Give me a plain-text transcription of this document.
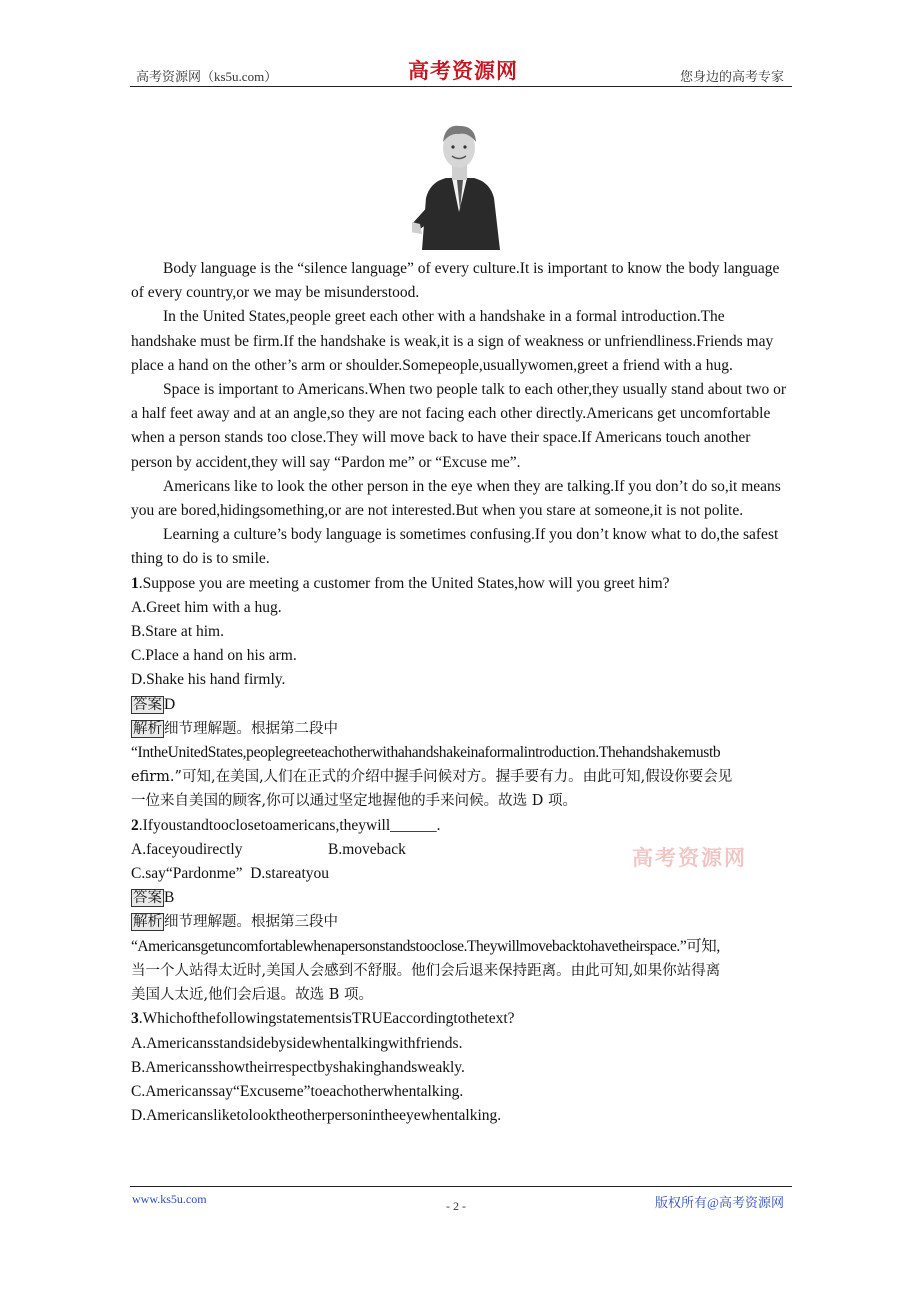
高考资源网（ks5u.com）	高考资源网	您身边的高考专家

Body language is the “silence language” of every culture.It is important to know the body language of every country,or we may be misunderstood.

In the United States,people greet each other with a handshake in a formal introduction.The handshake must be firm.If the handshake is weak,it is a sign of weakness or unfriendliness.Friends may place a hand on the other’s arm or shoulder.Somepeople,usuallywomen,greet a friend with a hug.

Space is important to Americans.When two people talk to each other,they usually stand about two or a half feet away and at an angle,so they are not facing each other directly.Americans get uncomfortable when a person stands too close.They will move back to have their space.If Americans touch another person by accident,they will say “Pardon me” or “Excuse me”.

Americans like to look the other person in the eye when they are talking.If you don’t do so,it means you are bored,hidingsomething,or are not interested.But when you stare at someone,it is not polite.

Learning a culture’s body language is sometimes confusing.If you don’t know what to do,the safest thing to do is to smile.

1.Suppose you are meeting a customer from the United States,how will you greet him?

A.Greet him with a hug.

B.Stare at him.

C.Place a hand on his arm.

D.Shake his hand firmly.

答案 D

解析 细节理解题。根据第二段中

“IntheUnitedStates,peoplegreeteachotherwithahandshakeinaformalintroduction.Thehandshakemustb

efirm.”可知,在美国,人们在正式的介绍中握手问候对方。握手要有力。由此可知,假设你要会见

一位来自美国的顾客,你可以通过坚定地握他的手来问候。故选 D 项。

2.Ifyoustandtooclosetoamericans,theywill______.

A.faceyoudirectly	B.moveback

C.say“Pardonme” D.stareatyou

答案 B

解析 细节理解题。根据第三段中

“Americansgetuncomfortablewhenapersonstandstooclose.Theywillmovebacktohavetheirspace.”可知,

当一个人站得太近时,美国人会感到不舒服。他们会后退来保持距离。由此可知,如果你站得离

美国人太近,他们会后退。故选 B 项。

3.WhichofthefollowingstatementsisTRUEaccordingtothetext?

A.Americansstandsidebysidewhentalkingwithfriends.

B.Americansshowtheirrespectbyshakinghandsweakly.

C.Americanssay“Excuseme”toeachotherwhentalking.

D.Americansliketolooktheotherpersonintheeyewhentalking.

高考资源网
www.ks5u.com	- 2 -	版权所有@高考资源网
